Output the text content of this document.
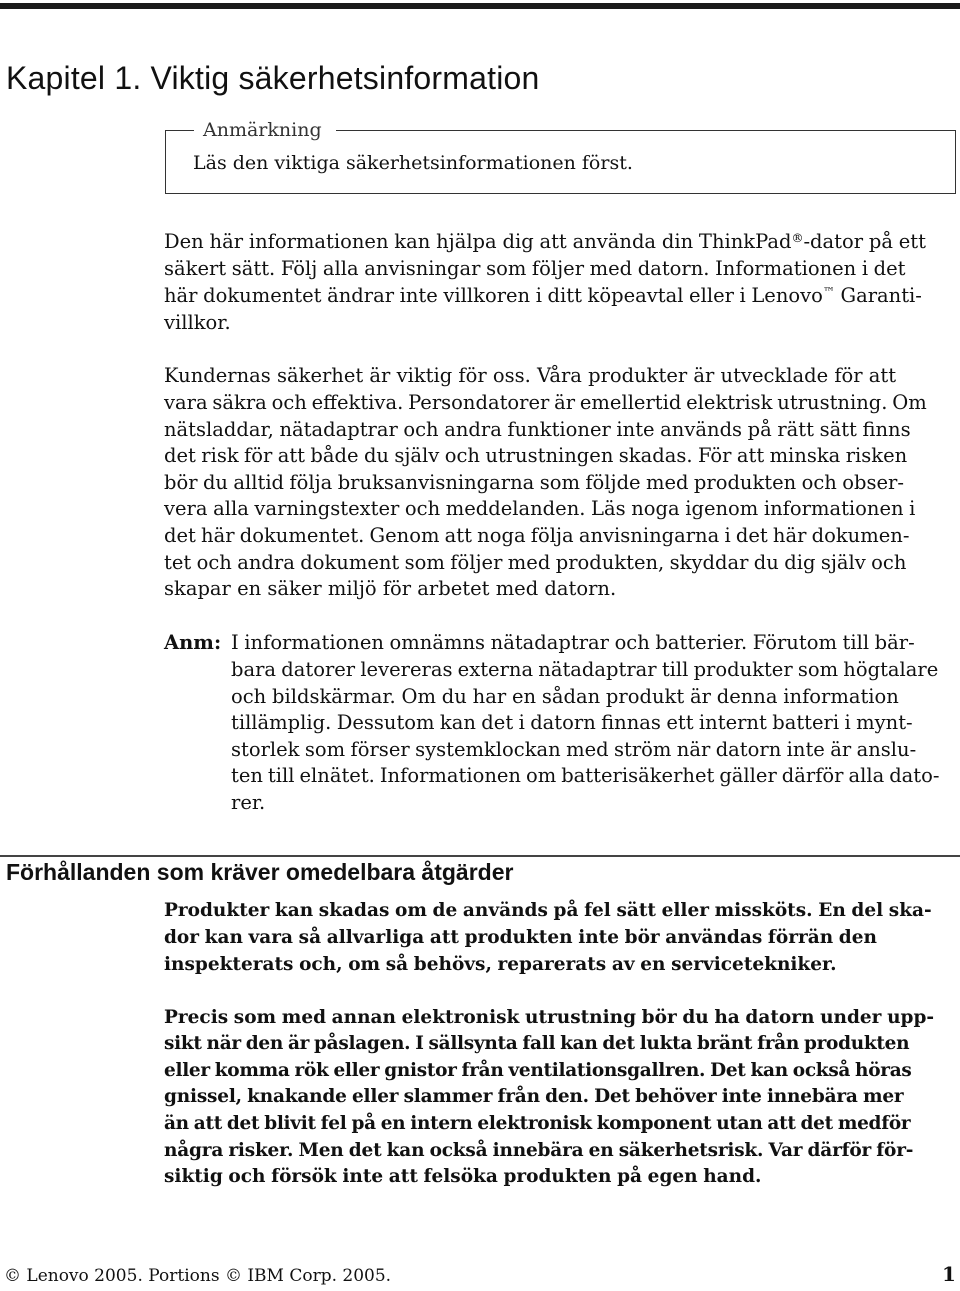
Kapitel 1. Viktig säkerhetsinformation
Anmärkning
Läs den viktiga säkerhetsinformationen först.
Den här informationen kan hjälpa dig att använda din ThinkPad®-dator på ett
säkert sätt. Följ alla anvisningar som följer med datorn. Informationen i det
här dokumentet ändrar inte villkoren i ditt köpeavtal eller i Lenovo™ Garanti-
villkor.
Kundernas säkerhet är viktig för oss. Våra produkter är utvecklade för att
vara säkra och effektiva. Persondatorer är emellertid elektrisk utrustning. Om
nätsladdar, nätadaptrar och andra funktioner inte används på rätt sätt finns
det risk för att både du själv och utrustningen skadas. För att minska risken
bör du alltid följa bruksanvisningarna som följde med produkten och obser-
vera alla varningstexter och meddelanden. Läs noga igenom informationen i
det här dokumentet. Genom att noga följa anvisningarna i det här dokumen-
tet och andra dokument som följer med produkten, skyddar du dig själv och
skapar en säker miljö för arbetet med datorn.
Anm: I informationen omnämns nätadaptrar och batterier. Förutom till bär-
bara datorer levereras externa nätadaptrar till produkter som högtalare
och bildskärmar. Om du har en sådan produkt är denna information
tillämplig. Dessutom kan det i datorn finnas ett internt batteri i mynt-
storlek som förser systemklockan med ström när datorn inte är anslu-
ten till elnätet. Informationen om batterisäkerhet gäller därför alla dato-
rer.
Förhållanden som kräver omedelbara åtgärder
Produkter kan skadas om de används på fel sätt eller missköts. En del ska-
dor kan vara så allvarliga att produkten inte bör användas förrän den
inspekterats och, om så behövs, reparerats av en servicetekniker.
Precis som med annan elektronisk utrustning bör du ha datorn under upp-
sikt när den är påslagen. I sällsynta fall kan det lukta bränt från produkten
eller komma rök eller gnistor från ventilationsgallren. Det kan också höras
gnissel, knakande eller slammer från den. Det behöver inte innebära mer
än att det blivit fel på en intern elektronisk komponent utan att det medför
några risker. Men det kan också innebära en säkerhetsrisk. Var därför för-
siktig och försök inte att felsöka produkten på egen hand.
© Lenovo 2005. Portions © IBM Corp. 2005.	1
